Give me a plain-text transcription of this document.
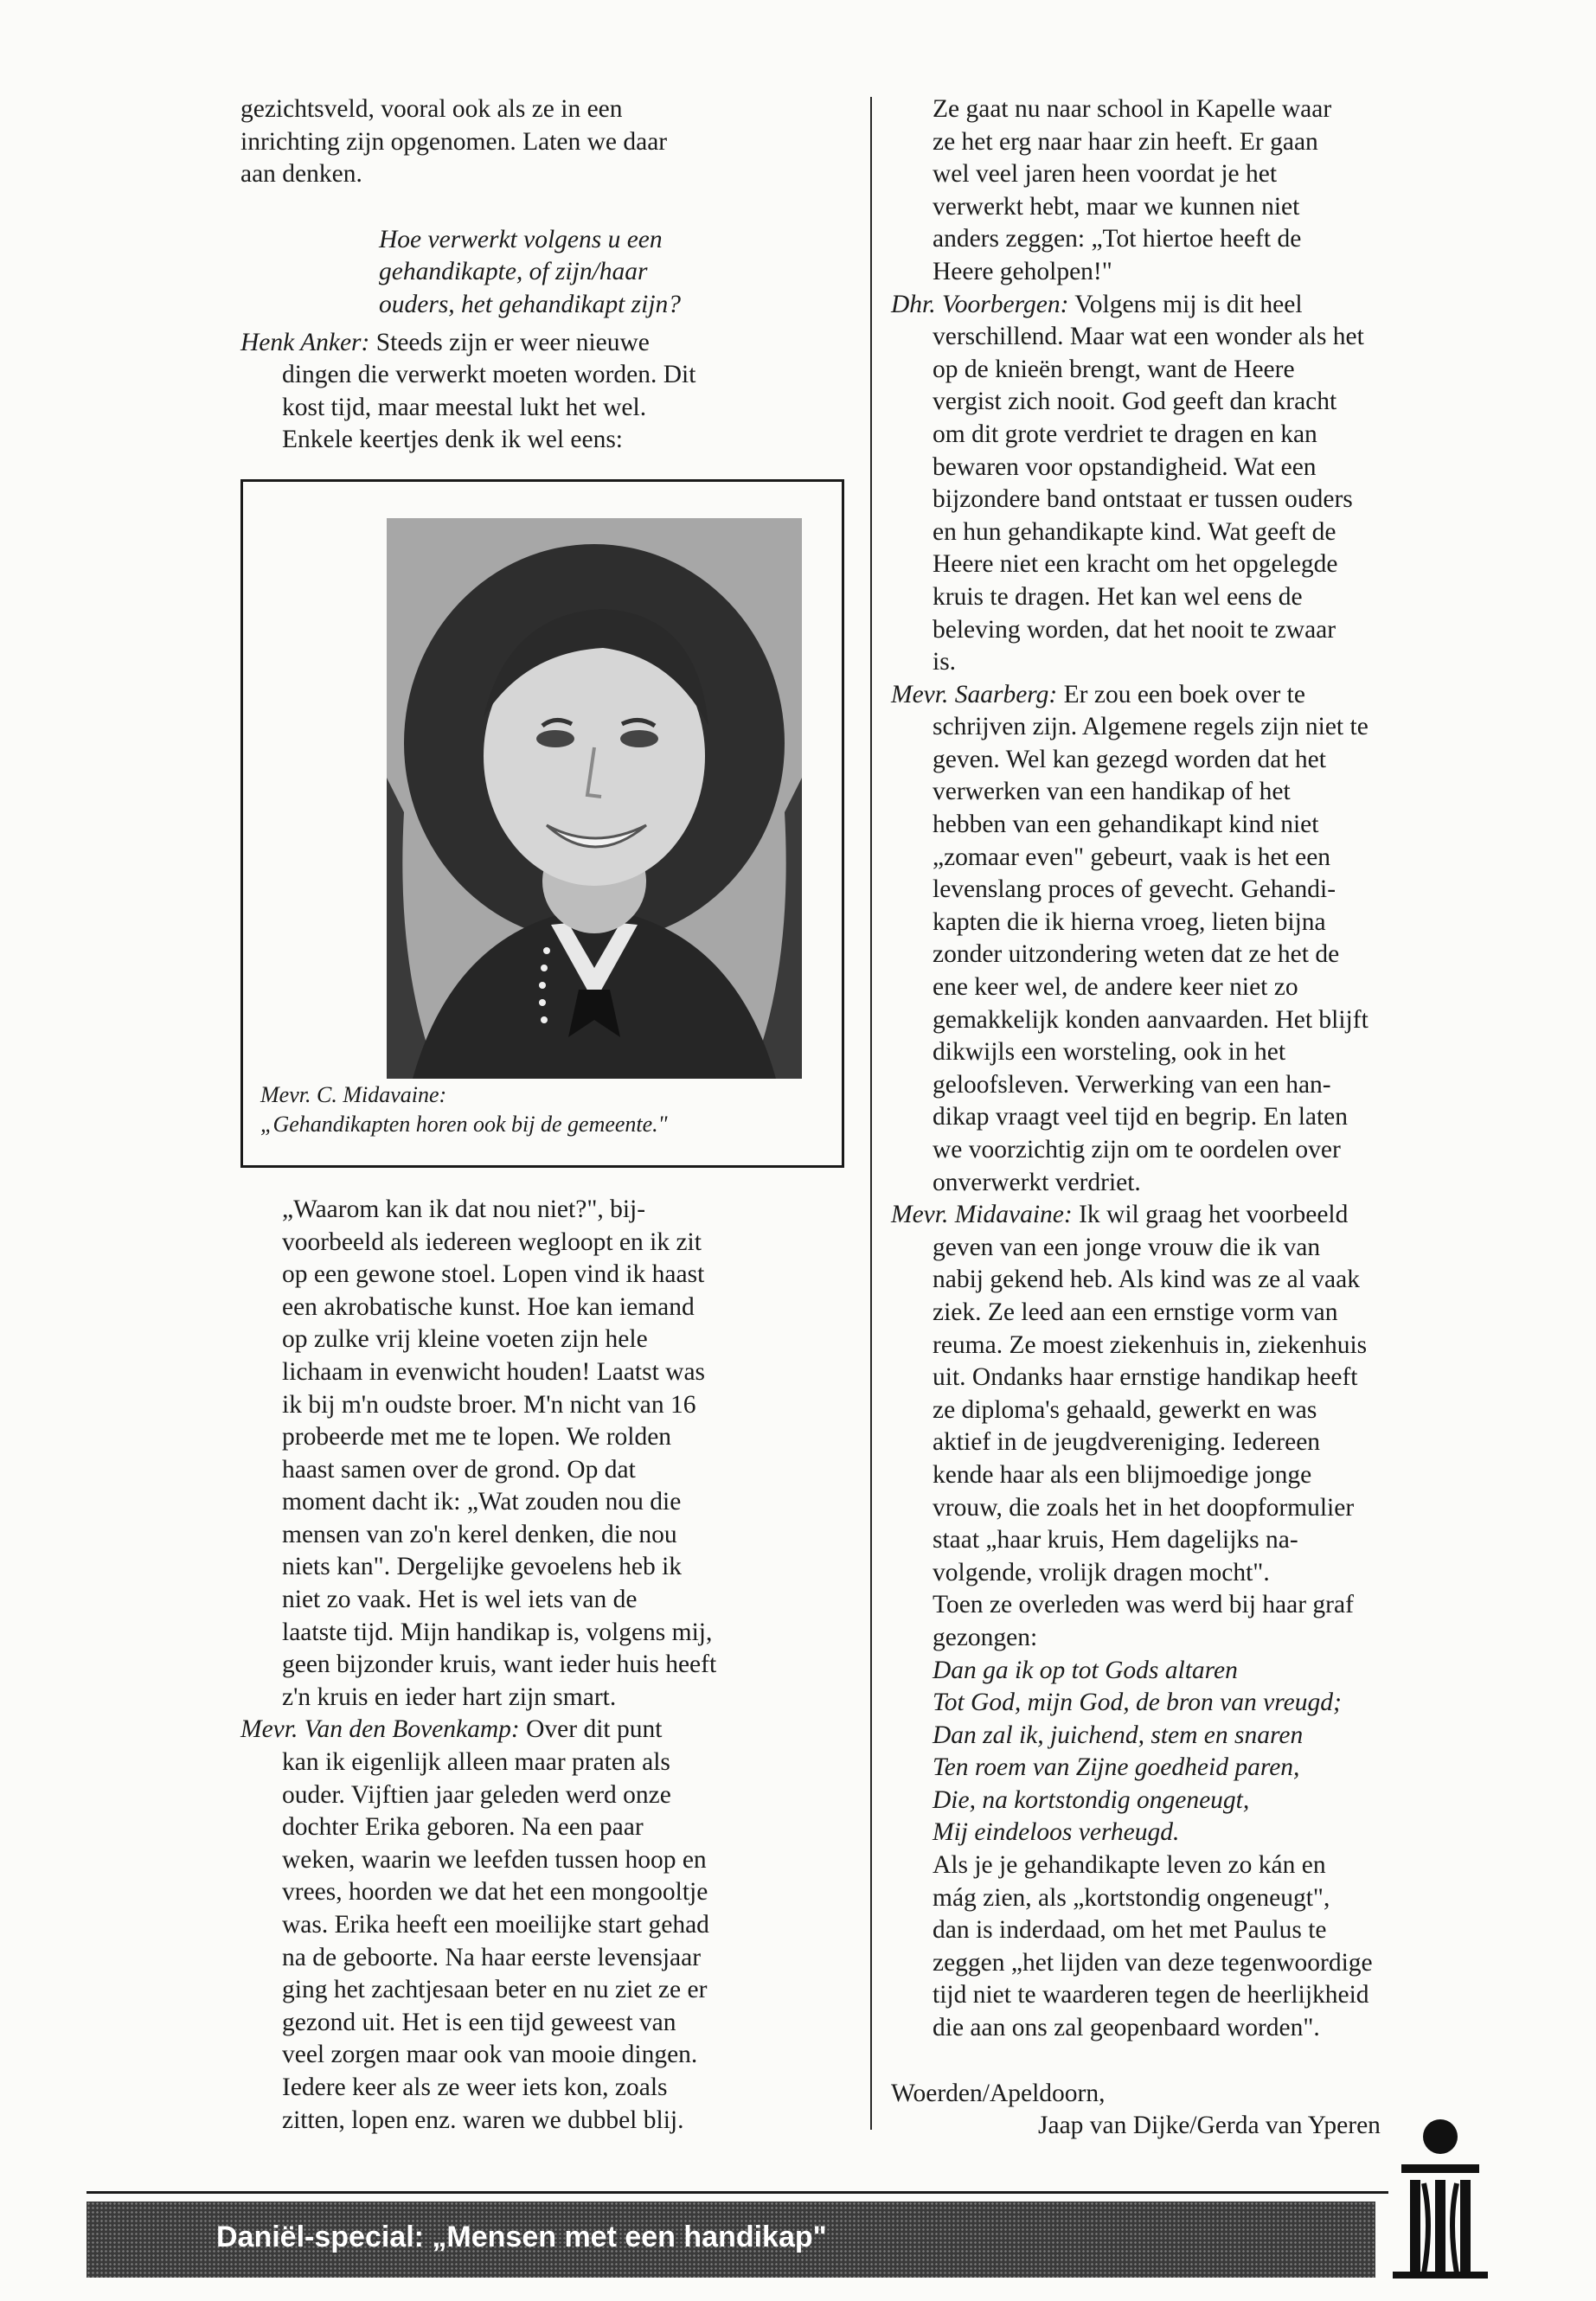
gezichtsveld, vooral ook als ze in een
inrichting zijn opgenomen. Laten we daar
aan denken.
Hoe verwerkt volgens u een
gehandikapte, of zijn/haar
ouders, het gehandikapt zijn?
Henk Anker: Steeds zijn er weer nieuwe
dingen die verwerkt moeten worden. Dit
kost tijd, maar meestal lukt het wel.
Enkele keertjes denk ik wel eens:
Mevr. C. Midavaine:
„Gehandikapten horen ook bij de gemeente."
„Waarom kan ik dat nou niet?", bij-
voorbeeld als iedereen wegloopt en ik zit
op een gewone stoel. Lopen vind ik haast
een akrobatische kunst. Hoe kan iemand
op zulke vrij kleine voeten zijn hele
lichaam in evenwicht houden! Laatst was
ik bij m'n oudste broer. M'n nicht van 16
probeerde met me te lopen. We rolden
haast samen over de grond. Op dat
moment dacht ik: „Wat zouden nou die
mensen van zo'n kerel denken, die nou
niets kan". Dergelijke gevoelens heb ik
niet zo vaak. Het is wel iets van de
laatste tijd. Mijn handikap is, volgens mij,
geen bijzonder kruis, want ieder huis heeft
z'n kruis en ieder hart zijn smart.
Mevr. Van den Bovenkamp: Over dit punt
kan ik eigenlijk alleen maar praten als
ouder. Vijftien jaar geleden werd onze
dochter Erika geboren. Na een paar
weken, waarin we leefden tussen hoop en
vrees, hoorden we dat het een mongooltje
was. Erika heeft een moeilijke start gehad
na de geboorte. Na haar eerste levensjaar
ging het zachtjesaan beter en nu ziet ze er
gezond uit. Het is een tijd geweest van
veel zorgen maar ook van mooie dingen.
Iedere keer als ze weer iets kon, zoals
zitten, lopen enz. waren we dubbel blij.
Ze gaat nu naar school in Kapelle waar
ze het erg naar haar zin heeft. Er gaan
wel veel jaren heen voordat je het
verwerkt hebt, maar we kunnen niet
anders zeggen: „Tot hiertoe heeft de
Heere geholpen!"
Dhr. Voorbergen: Volgens mij is dit heel
verschillend. Maar wat een wonder als het
op de knieën brengt, want de Heere
vergist zich nooit. God geeft dan kracht
om dit grote verdriet te dragen en kan
bewaren voor opstandigheid. Wat een
bijzondere band ontstaat er tussen ouders
en hun gehandikapte kind. Wat geeft de
Heere niet een kracht om het opgelegde
kruis te dragen. Het kan wel eens de
beleving worden, dat het nooit te zwaar
is.
Mevr. Saarberg: Er zou een boek over te
schrijven zijn. Algemene regels zijn niet te
geven. Wel kan gezegd worden dat het
verwerken van een handikap of het
hebben van een gehandikapt kind niet
„zomaar even" gebeurt, vaak is het een
levenslang proces of gevecht. Gehandi-
kapten die ik hierna vroeg, lieten bijna
zonder uitzondering weten dat ze het de
ene keer wel, de andere keer niet zo
gemakkelijk konden aanvaarden. Het blijft
dikwijls een worsteling, ook in het
geloofsleven. Verwerking van een han-
dikap vraagt veel tijd en begrip. En laten
we voorzichtig zijn om te oordelen over
onverwerkt verdriet.
Mevr. Midavaine: Ik wil graag het voorbeeld
geven van een jonge vrouw die ik van
nabij gekend heb. Als kind was ze al vaak
ziek. Ze leed aan een ernstige vorm van
reuma. Ze moest ziekenhuis in, ziekenhuis
uit. Ondanks haar ernstige handikap heeft
ze diploma's gehaald, gewerkt en was
aktief in de jeugdvereniging. Iedereen
kende haar als een blijmoedige jonge
vrouw, die zoals het in het doopformulier
staat „haar kruis, Hem dagelijks na-
volgende, vrolijk dragen mocht".
Toen ze overleden was werd bij haar graf
gezongen:
Dan ga ik op tot Gods altaren
Tot God, mijn God, de bron van vreugd;
Dan zal ik, juichend, stem en snaren
Ten roem van Zijne goedheid paren,
Die, na kortstondig ongeneugt,
Mij eindeloos verheugd.
Als je je gehandikapte leven zo kán en
mág zien, als „kortstondig ongeneugt",
dan is inderdaad, om het met Paulus te
zeggen „het lijden van deze tegenwoordige
tijd niet te waarderen tegen de heerlijkheid
die aan ons zal geopenbaard worden".
Woerden/Apeldoorn,
Jaap van Dijke/Gerda van Yperen
Daniël-special: „Mensen met een handikap"
